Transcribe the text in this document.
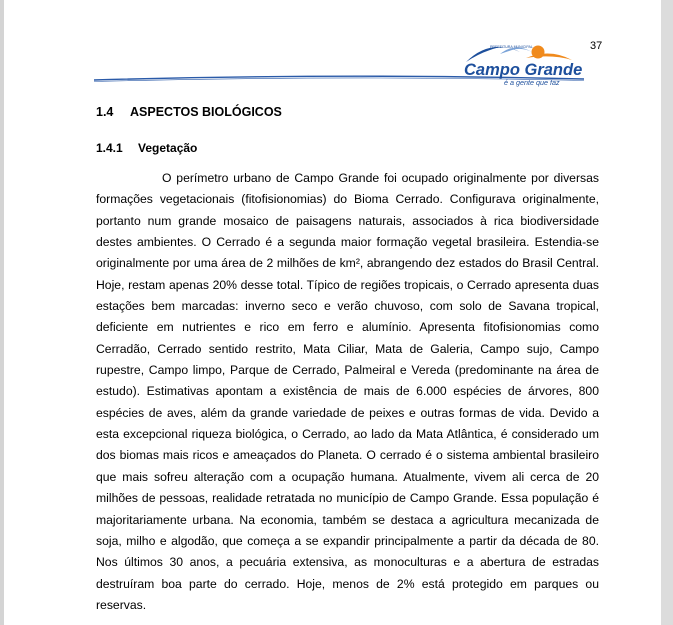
37
PREFEITURA MUNICIPAL
Campo Grande
é a gente que faz
1.4 ASPECTOS BIOLÓGICOS
1.4.1 Vegetação

O perímetro urbano de Campo Grande foi ocupado originalmente por diversas formações vegetacionais (fitofisionomias) do Bioma Cerrado. Configurava originalmente, portanto num grande mosaico de paisagens naturais, associados à rica biodiversidade destes ambientes. O Cerrado é a segunda maior formação vegetal brasileira. Estendia-se originalmente por uma área de 2 milhões de km², abrangendo dez estados do Brasil Central. Hoje, restam apenas 20% desse total. Típico de regiões tropicais, o Cerrado apresenta duas estações bem marcadas: inverno seco e verão chuvoso, com solo de Savana tropical, deficiente em nutrientes e rico em ferro e alumínio. Apresenta fitofisionomias como Cerradão, Cerrado sentido restrito, Mata Ciliar, Mata de Galeria, Campo sujo, Campo rupestre, Campo limpo, Parque de Cerrado, Palmeiral e Vereda (predominante na área de estudo). Estimativas apontam a existência de mais de 6.000 espécies de árvores, 800 espécies de aves, além da grande variedade de peixes e outras formas de vida. Devido a esta excepcional riqueza biológica, o Cerrado, ao lado da Mata Atlântica, é considerado um dos biomas mais ricos e ameaçados do Planeta. O cerrado é o sistema ambiental brasileiro que mais sofreu alteração com a ocupação humana. Atualmente, vivem ali cerca de 20 milhões de pessoas, realidade retratada no município de Campo Grande. Essa população é majoritariamente urbana. Na economia, também se destaca a agricultura mecanizada de soja, milho e algodão, que começa a se expandir principalmente a partir da década de 80. Nos últimos 30 anos, a pecuária extensiva, as monoculturas e a abertura de estradas destruíram boa parte do cerrado. Hoje, menos de 2% está protegido em parques ou reservas.
